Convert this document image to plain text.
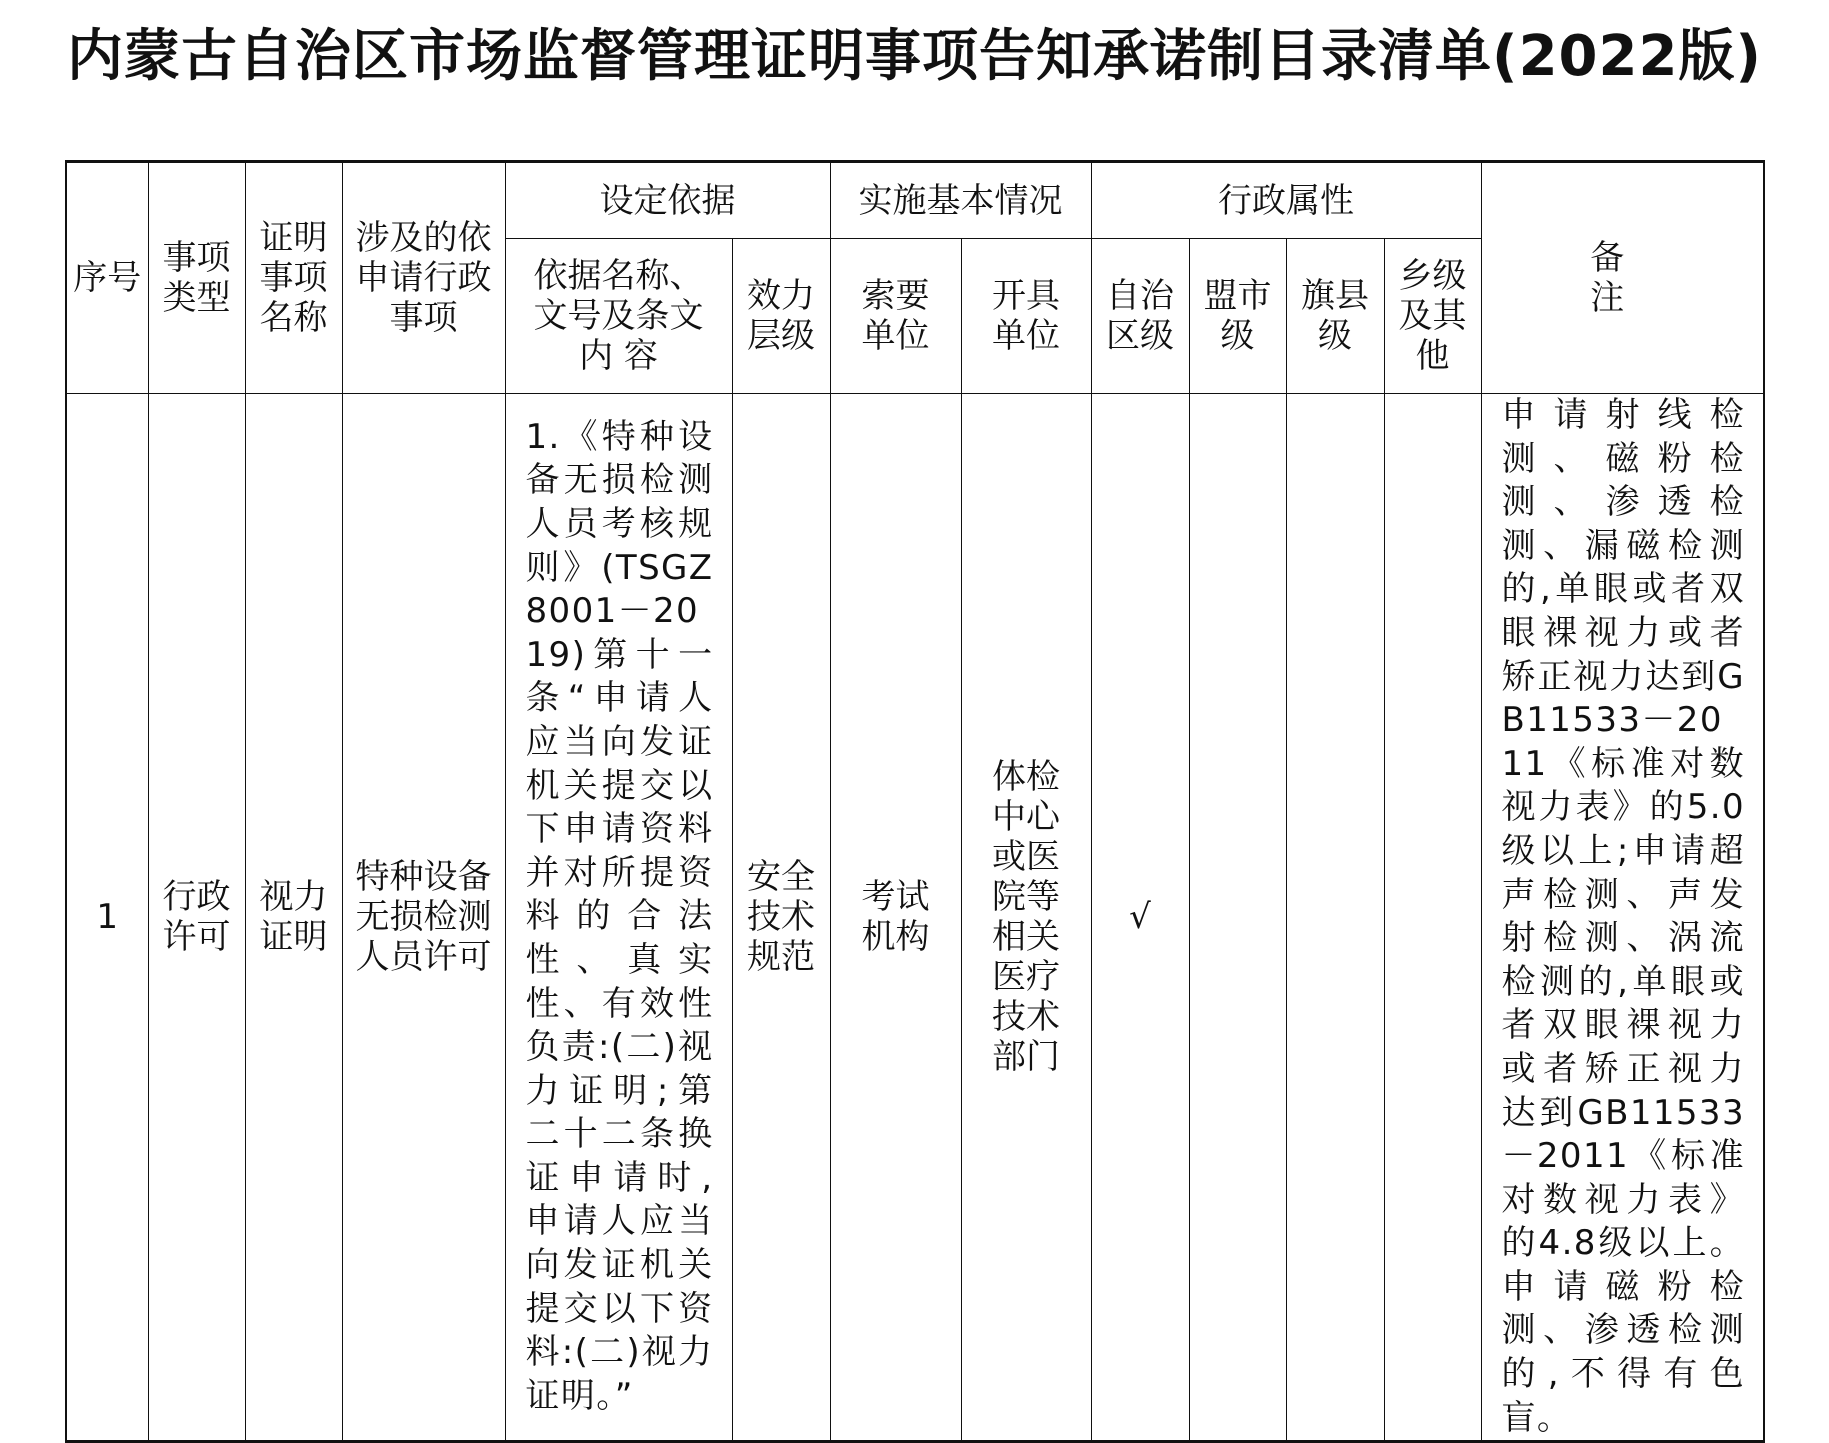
内蒙古自治区市场监督管理证明事项告知承诺制目录清单(2022版)
序号	事项类型	证明事项名称	涉及的依申请行政事项	设定依据		实施基本情况		行政属性				备 注
				依据名称、文号及条文内 容	效力层级	索要单位	开具单位	自治区级	盟市级	旗县级	乡级及其他	
1	行政许可	视力证明	特种设备无损检测人员许可	1.《特种设备无损检测人员考核规则》(TSGZ8001－2019)第十一条“申请人应当向发证机关提交以下申请资料并对所提资料的合法性、真实性、有效性负责:(二)视力证明;第二十二条换证申请时,申请人应当向发证机关提交以下资料:(二)视力证明。”	安全技术规范	考试机构	体检中心或医院等相关医疗技术部门	√				申请射线检测、磁粉检测、渗透检测、漏磁检测的,单眼或者双眼裸视力或者矫正视力达到GB11533－2011《标准对数视力表》的5.0级以上;申请超声检测、声发射检测、涡流检测的,单眼或者双眼裸视力或者矫正视力达到GB11533－2011《标准对数视力表》的4.8级以上。申请磁粉检测、渗透检测的,不得有色盲。
